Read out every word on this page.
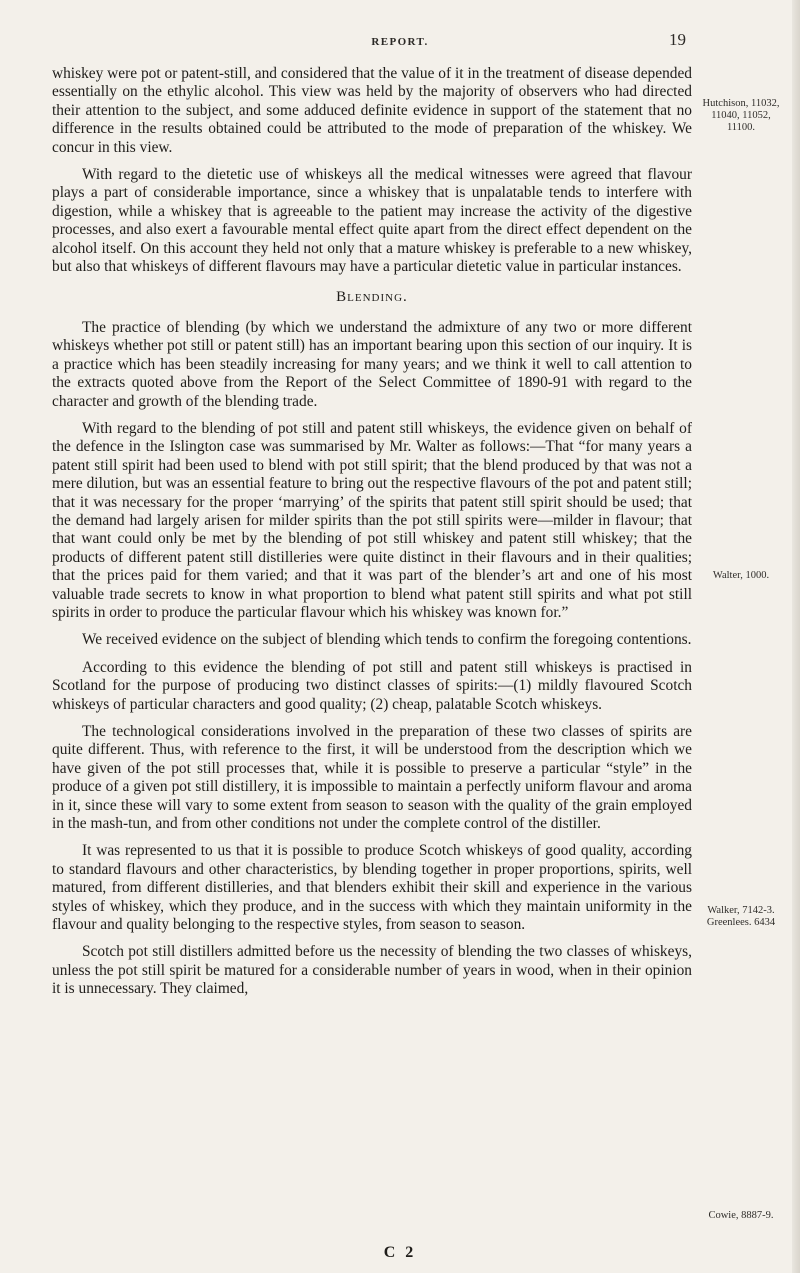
REPORT.	19

whiskey were pot or patent-still, and considered that the value of it in the treatment of disease depended essentially on the ethylic alcohol. This view was held by the majority of observers who had directed their attention to the subject, and some adduced definite evidence in support of the statement that no difference in the results obtained could be attributed to the mode of preparation of the whiskey. We concur in this view.

With regard to the dietetic use of whiskeys all the medical witnesses were agreed that flavour plays a part of considerable importance, since a whiskey that is unpalatable tends to interfere with digestion, while a whiskey that is agreeable to the patient may increase the activity of the digestive processes, and also exert a favourable mental effect quite apart from the direct effect dependent on the alcohol itself. On this account they held not only that a mature whiskey is preferable to a new whiskey, but also that whiskeys of different flavours may have a particular dietetic value in particular instances.

Blending.

The practice of blending (by which we understand the admixture of any two or more different whiskeys whether pot still or patent still) has an important bearing upon this section of our inquiry. It is a practice which has been steadily increasing for many years; and we think it well to call attention to the extracts quoted above from the Report of the Select Committee of 1890-91 with regard to the character and growth of the blending trade.

With regard to the blending of pot still and patent still whiskeys, the evidence given on behalf of the defence in the Islington case was summarised by Mr. Walter as follows:—That “for many years a patent still spirit had been used to blend with pot still spirit; that the blend produced by that was not a mere dilution, but was an essential feature to bring out the respective flavours of the pot and patent still; that it was necessary for the proper ‘marrying’ of the spirits that patent still spirit should be used; that the demand had largely arisen for milder spirits than the pot still spirits were—milder in flavour; that that want could only be met by the blending of pot still whiskey and patent still whiskey; that the products of different patent still distilleries were quite distinct in their flavours and in their qualities; that the prices paid for them varied; and that it was part of the blender’s art and one of his most valuable trade secrets to know in what proportion to blend what patent still spirits and what pot still spirits in order to produce the particular flavour which his whiskey was known for.”

We received evidence on the subject of blending which tends to confirm the foregoing contentions.

According to this evidence the blending of pot still and patent still whiskeys is practised in Scotland for the purpose of producing two distinct classes of spirits:—(1) mildly flavoured Scotch whiskeys of particular characters and good quality; (2) cheap, palatable Scotch whiskeys.

The technological considerations involved in the preparation of these two classes of spirits are quite different. Thus, with reference to the first, it will be understood from the description which we have given of the pot still processes that, while it is possible to preserve a particular “style” in the produce of a given pot still distillery, it is impossible to maintain a perfectly uniform flavour and aroma in it, since these will vary to some extent from season to season with the quality of the grain employed in the mash-tun, and from other conditions not under the complete control of the distiller.

It was represented to us that it is possible to produce Scotch whiskeys of good quality, according to standard flavours and other characteristics, by blending together in proper proportions, spirits, well matured, from different distilleries, and that blenders exhibit their skill and experience in the various styles of whiskey, which they produce, and in the success with which they maintain uniformity in the flavour and quality belonging to the respective styles, from season to season.

Scotch pot still distillers admitted before us the necessity of blending the two classes of whiskeys, unless the pot still spirit be matured for a considerable number of years in wood, when in their opinion it is unnecessary. They claimed,

Hutchison, 11032, 11040, 11052, 11100.
Walter, 1000.
Walker, 7142-3. Greenlees. 6434
Cowie, 8887-9.
C 2
